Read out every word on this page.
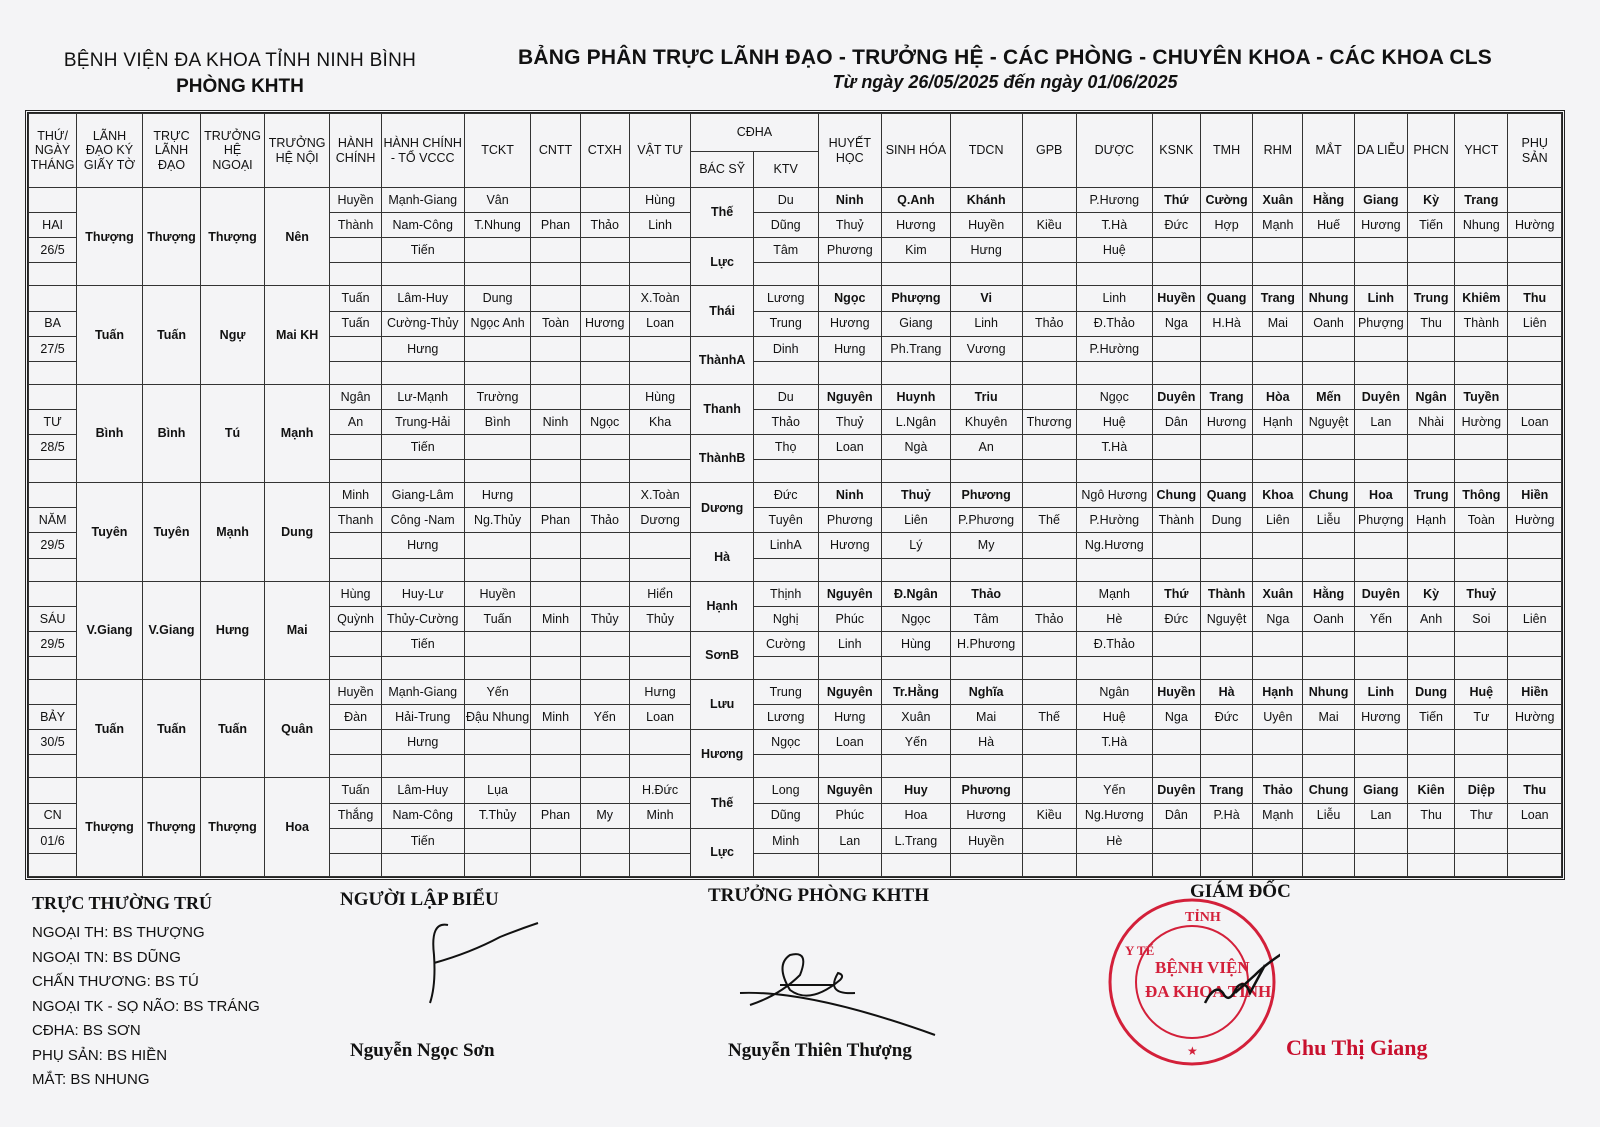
BỆNH VIỆN ĐA KHOA TỈNH NINH BÌNH
PHÒNG KHTH
BẢNG PHÂN TRỰC LÃNH ĐẠO - TRƯỞNG HỆ - CÁC PHÒNG - CHUYÊN KHOA - CÁC KHOA CLS
Từ ngày 26/05/2025 đến ngày 01/06/2025
THỨ/ NGÀY THÁNG	LÃNH ĐẠO KÝ GIẤY TỜ	TRỰC LÃNH ĐẠO	TRƯỞNG HỆ NGOẠI	TRƯỞNG HỆ NỘI	HÀNH CHÍNH	HÀNH CHÍNH - TỔ VCCC	TCKT	CNTT	CTXH	VẬT TƯ	CĐHA		HUYẾT HỌC	SINH HÓA	TDCN	GPB	DƯỢC	KSNK	TMH	RHM	MẮT	DA LIỄU	PHCN	YHCT	PHỤ SẢN
											BÁC SỸ	KTV													
	Thượng	Thượng	Thượng	Nên	Huyền	Mạnh-Giang	Vân			Hùng	Thế	Du	Ninh	Q.Anh	Khánh		P.Hương	Thứ	Cường	Xuân	Hằng	Giang	Kỳ	Trang	
HAI					Thành	Nam-Công	T.Nhung	Phan	Thảo	Linh		Dũng	Thuỷ	Hương	Huyền	Kiều	T.Hà	Đức	Hợp	Mạnh	Huế	Hương	Tiến	Nhung	Hường
26/5						Tiến					Lực	Tâm	Phương	Kim	Hưng		Huệ								

	Tuấn	Tuấn	Ngự	Mai KH	Tuấn	Lâm-Huy	Dung			X.Toàn	Thái	Lương	Ngọc	Phượng	Vi		Linh	Huyền	Quang	Trang	Nhung	Linh	Trung	Khiêm	Thu
BA					Tuấn	Cường-Thủy	Ngọc Anh	Toàn	Hương	Loan		Trung	Hương	Giang	Linh	Thảo	Đ.Thảo	Nga	H.Hà	Mai	Oanh	Phượng	Thu	Thành	Liên
27/5						Hưng					ThànhA	Dinh	Hưng	Ph.Trang	Vương		P.Hường								

	Bình	Bình	Tú	Mạnh	Ngân	Lư-Mạnh	Trường			Hùng	Thanh	Du	Nguyên	Huynh	Triu		Ngọc	Duyên	Trang	Hòa	Mến	Duyên	Ngân	Tuyền	
TƯ					An	Trung-Hải	Bình	Ninh	Ngọc	Kha		Thảo	Thuỷ	L.Ngân	Khuyên	Thương	Huệ	Dân	Hương	Hạnh	Nguyệt	Lan	Nhài	Hường	Loan
28/5						Tiến					ThànhB	Thọ	Loan	Ngà	An		T.Hà								

	Tuyên	Tuyên	Mạnh	Dung	Minh	Giang-Lâm	Hưng			X.Toàn	Dương	Đức	Ninh	Thuỷ	Phương		Ngô Hương	Chung	Quang	Khoa	Chung	Hoa	Trung	Thông	Hiền
NĂM					Thanh	Công -Nam	Ng.Thủy	Phan	Thảo	Dương		Tuyên	Phương	Liên	P.Phương	Thế	P.Hường	Thành	Dung	Liên	Liễu	Phượng	Hạnh	Toàn	Hường
29/5						Hưng					Hà	LinhA	Hương	Lý	My		Ng.Hương								

	V.Giang	V.Giang	Hưng	Mai	Hùng	Huy-Lư	Huyền			Hiển	Hạnh	Thịnh	Nguyên	Đ.Ngân	Thảo		Mạnh	Thứ	Thành	Xuân	Hằng	Duyên	Kỳ	Thuỷ	
SÁU					Quỳnh	Thủy-Cường	Tuấn	Minh	Thủy	Thủy		Nghị	Phúc	Ngọc	Tâm	Thảo	Hè	Đức	Nguyệt	Nga	Oanh	Yến	Anh	Soi	Liên
29/5						Tiến					SơnB	Cường	Linh	Hùng	H.Phương		Đ.Thảo								

	Tuấn	Tuấn	Tuấn	Quân	Huyền	Mạnh-Giang	Yến			Hưng	Lưu	Trung	Nguyên	Tr.Hằng	Nghĩa		Ngân	Huyền	Hà	Hạnh	Nhung	Linh	Dung	Huệ	Hiền
BẢY					Đàn	Hải-Trung	Đậu Nhung	Minh	Yến	Loan		Lương	Hưng	Xuân	Mai	Thế	Huệ	Nga	Đức	Uyên	Mai	Hương	Tiến	Tư	Hường
30/5						Hưng					Hương	Ngọc	Loan	Yến	Hà		T.Hà								

	Thượng	Thượng	Thượng	Hoa	Tuấn	Lâm-Huy	Lụa			H.Đức	Thế	Long	Nguyên	Huy	Phương		Yến	Duyên	Trang	Thảo	Chung	Giang	Kiên	Diệp	Thu
CN					Thắng	Nam-Công	T.Thủy	Phan	My	Minh		Dũng	Phúc	Hoa	Hương	Kiều	Ng.Hương	Dân	P.Hà	Mạnh	Liễu	Lan	Thu	Thư	Loan
01/6						Tiến					Lực	Minh	Lan	L.Trang	Huyền		Hè								

TRỰC THƯỜNG TRÚ
NGOẠI TH: BS THƯỢNG
NGOẠI TN: BS DŨNG
CHẤN THƯƠNG: BS TÚ
NGOẠI TK - SỌ NÃO: BS TRÁNG
CĐHA: BS SƠN
PHỤ SẢN: BS HIỀN
MẮT: BS NHUNG
NGƯỜI LẬP BIỂU
Nguyễn Ngọc Sơn
TRƯỞNG PHÒNG KHTH
Nguyễn Thiên Thượng
GIÁM ĐỐC
Chu Thị Giang
BỆNH VIỆN
ĐA KHOA TỈNH
TỈNH
Y TẾ
★
